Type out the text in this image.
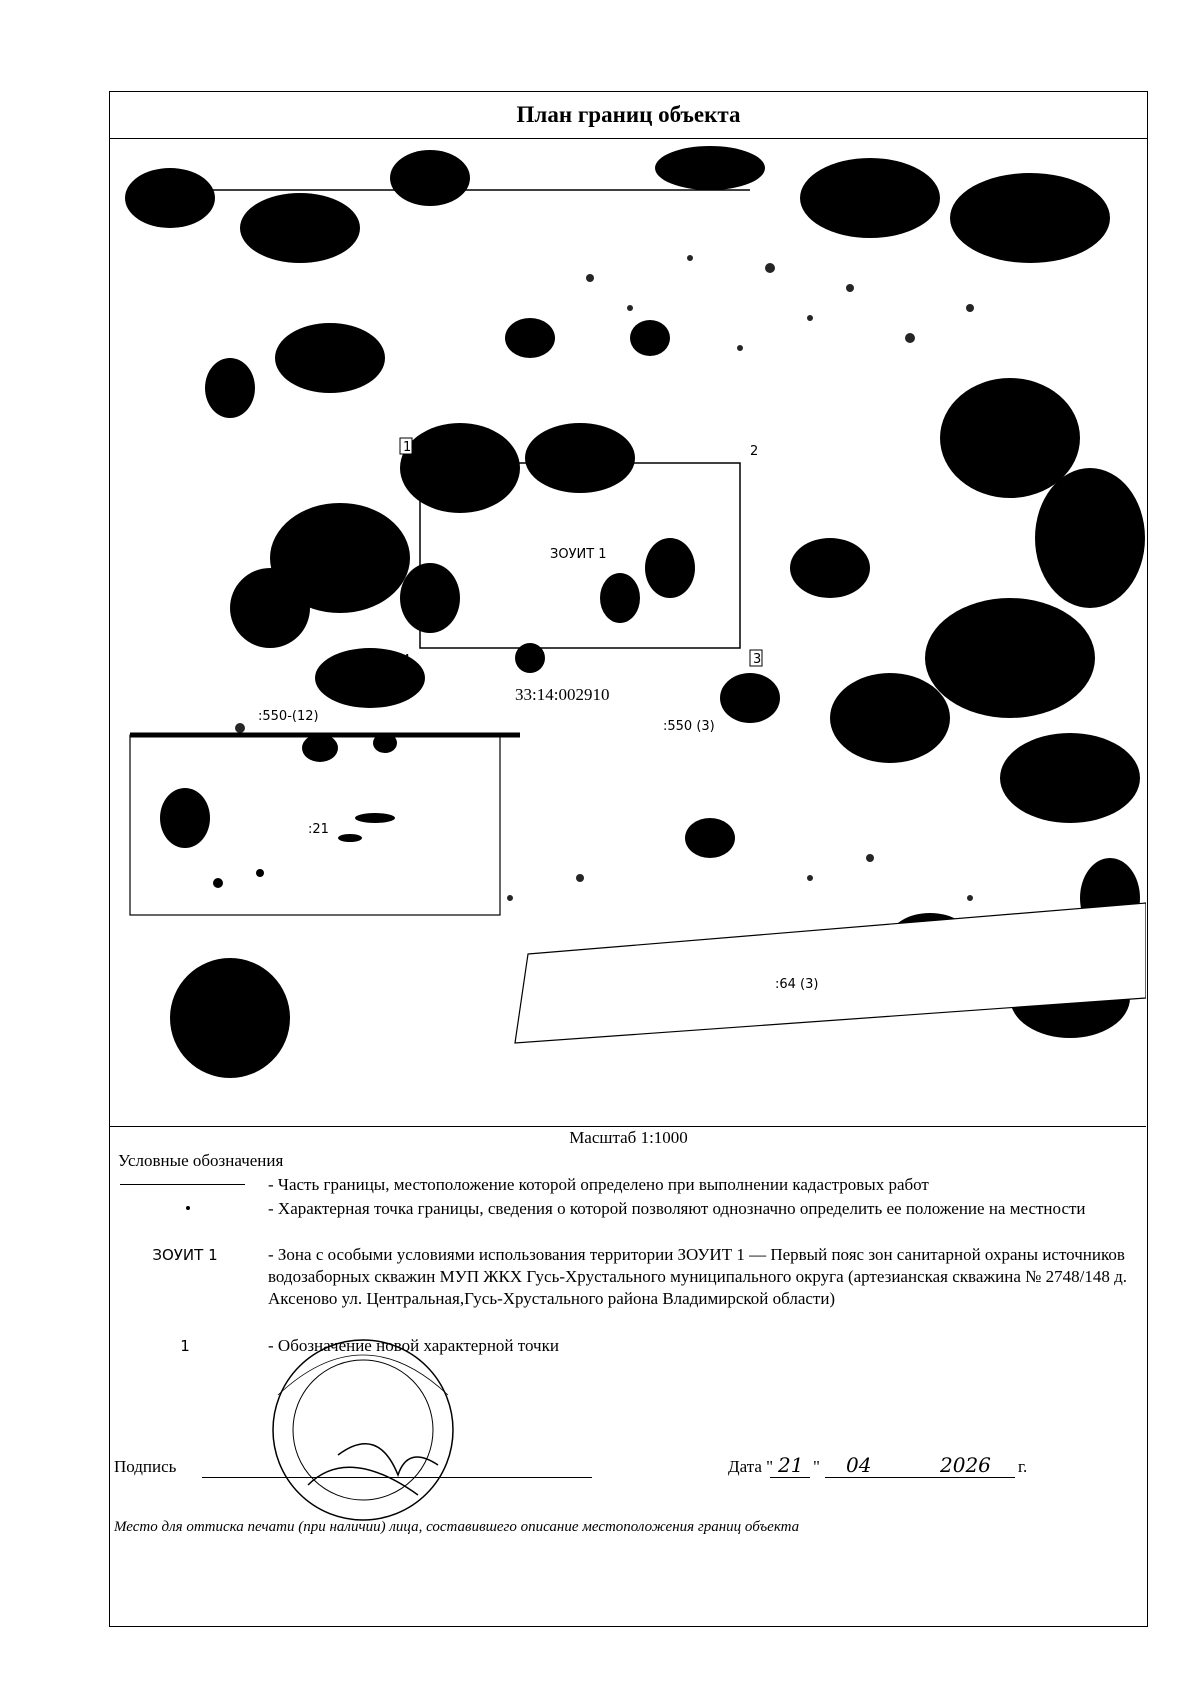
План границ объекта
ЗОУИТ 1
1	2
3
4
33:14:002910
:550-(12)
:550 (3)
:21
:64 (3)
Масштаб 1:1000
Условные обозначения
- Часть границы, местоположение которой определено при выполнении кадастровых работ
- Характерная точка границы, сведения о которой позволяют однозначно определить ее положение на местности
ЗОУИТ 1	- Зона с особыми условиями использования территории ЗОУИТ 1 — Первый пояс зон санитарной охраны источников водозаборных скважин МУП ЖКХ Гусь-Хрустального муниципального округа (артезианская скважина № 2748/148 д. Аксеново ул. Центральная,Гусь-Хрустального района Владимирской области)
1	- Обозначение новой характерной точки
Подпись	Дата " 21 " 04	2026 г.
Место для оттиска печати (при наличии) лица, составившего описание местоположения границ объекта
